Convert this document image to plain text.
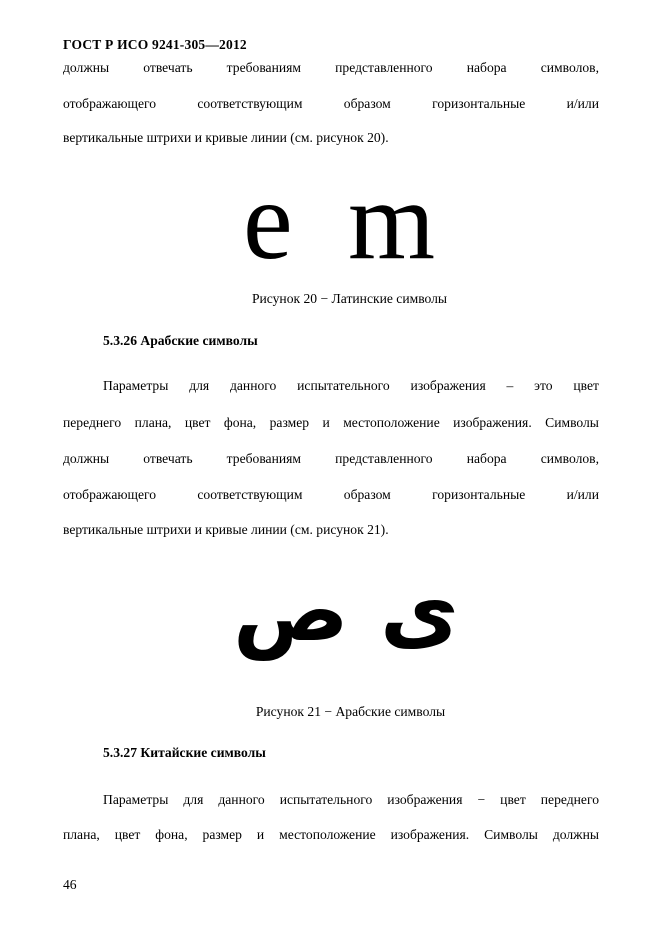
ГОСТ Р ИСО 9241-305—2012
должны	отвечать	требованиям	представленного	набора	символов,
отображающего	соответствующим	образом	горизонтальные	и/или
вертикальные штрихи и кривые линии (см. рисунок 20).
e m
Рисунок 20 − Латинские символы
5.3.26 Арабские символы
Параметры для данного испытательного изображения – это цвет
переднего плана, цвет фона, размер и местоположение изображения. Символы
должны	отвечать	требованиям	представленного	набора	символов,
отображающего	соответствующим	образом	горизонтальные	и/или
вертикальные штрихи и кривые линии (см. рисунок 21).
ص ى
Рисунок 21 − Арабские символы
5.3.27 Китайские символы
Параметры для данного испытательного изображения − цвет переднего
плана, цвет фона, размер и местоположение изображения. Символы должны
46
